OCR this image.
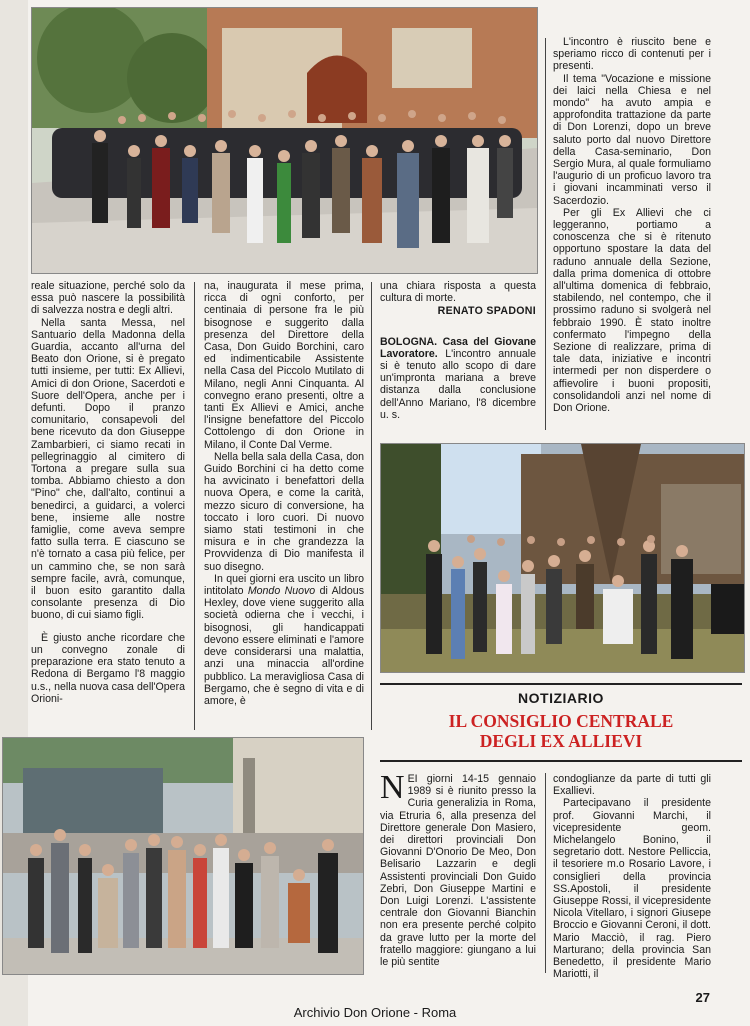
reale situazione, perché solo da essa può nascere la possibilità di salvezza nostra e degli altri.

Nella santa Messa, nel Santuario della Madonna della Guardia, accanto all'urna del Beato don Orione, si è pregato tutti insieme, per tutti: Ex Allievi, Amici di don Orione, Sacerdoti e Suore dell'Opera, anche per i defunti. Dopo il pranzo comunitario, consapevoli del bene ricevuto da don Giuseppe Zambarbieri, ci siamo recati in pellegrinaggio al cimitero di Tortona a pregare sulla sua tomba. Abbiamo chiesto a don "Pino" che, dall'alto, continui a benedirci, a guidarci, a volerci bene, insieme alle nostre famiglie, come aveva sempre fatto sulla terra. E ciascuno se n'è tornato a casa più felice, per un cammino che, se non sarà sempre facile, avrà, comunque, il buon esito garantito dalla consolante presenza di Dio buono, di cui siamo figli.

È giusto anche ricordare che un convegno zonale di preparazione era stato tenuto a Redona di Bergamo l'8 maggio u.s., nella nuova casa dell'Opera Orioni-

na, inaugurata il mese prima, ricca di ogni conforto, per centinaia di persone fra le più bisognose e suggerito dalla presenza del Direttore della Casa, Don Guido Borchini, caro ed indimenticabile Assistente nella Casa del Piccolo Mutilato di Milano, negli Anni Cinquanta. Al convegno erano presenti, oltre a tanti Ex Allievi e Amici, anche l'insigne benefattore del Piccolo Cottolengo di don Orione in Milano, il Conte Dal Verme.

Nella bella sala della Casa, don Guido Borchini ci ha detto come ha avvicinato i benefattori della nuova Opera, e come la carità, mezzo sicuro di conversione, ha toccato i loro cuori. Di nuovo siamo stati testimoni in che misura e in che grandezza la Provvidenza di Dio manifesta il suo disegno.

In quei giorni era uscito un libro intitolato Mondo Nuovo di Aldous Hexley, dove viene suggerito alla società odierna che i vecchi, i bisognosi, gli handicappati devono essere eliminati e l'amore deve considerarsi una malattia, anzi una minaccia all'ordine pubblico. La meravigliosa Casa di Bergamo, che è segno di vita e di amore, è

una chiara risposta a questa cultura di morte.

RENATO SPADONI

BOLOGNA. Casa del Giovane Lavoratore. L'incontro annuale si è tenuto allo scopo di dare un'impronta mariana a breve distanza dalla conclusione dell'Anno Mariano, l'8 dicembre u. s.

L'incontro è riuscito bene e speriamo ricco di contenuti per i presenti.

Il tema "Vocazione e missione dei laici nella Chiesa e nel mondo" ha avuto ampia e approfondita trattazione da parte di Don Lorenzi, dopo un breve saluto porto dal nuovo Direttore della Casa-seminario, Don Sergio Mura, al quale formuliamo l'augurio di un proficuo lavoro tra i giovani incamminati verso il Sacerdozio.

Per gli Ex Allievi che ci leggeranno, portiamo a conoscenza che si è ritenuto opportuno spostare la data del raduno annuale della Sezione, dalla prima domenica di ottobre all'ultima domenica di febbraio, stabilendo, nel contempo, che il prossimo raduno si svolgerà nel febbraio 1990. È stato inoltre confermato l'impegno della Sezione di realizzare, prima di tale data, iniziative e incontri intermedi per non disperdere o affievolire i buoni propositi, consolidandoli anzi nel nome di Don Orione.

NOTIZIARIO
IL CONSIGLIO CENTRALE DEGLI EX ALLIEVI

NEI giorni 14-15 gennaio 1989 si è riunito presso la Curia generalizia in Roma, via Etruria 6, alla presenza del Direttore generale Don Masiero, dei direttori provinciali Don Giovanni D'Onorio De Meo, Don Belisario Lazzarin e degli Assistenti provinciali Don Guido Zebri, Don Giuseppe Martini e Don Luigi Lorenzi. L'assistente centrale don Giovanni Bianchin non era presente perché colpito da grave lutto per la morte del fratello maggiore: giungano a lui le più sentite

condoglianze da parte di tutti gli Exallievi.

Partecipavano il presidente prof. Giovanni Marchi, il vicepresidente geom. Michelangelo Bonino, il segretario dott. Nestore Pelliccia, il tesoriere m.o Rosario Lavore, i consiglieri della provincia SS.Apostoli, il presidente Giuseppe Rossi, il vicepresidente Nicola Vitellaro, i signori Giusepe Broccio e Giovanni Ceroni, il dott. Mario Macciò, il rag. Piero Marturano; della provincia San Benedetto, il presidente Mario Mariotti, il

27
Archivio Don Orione - Roma
